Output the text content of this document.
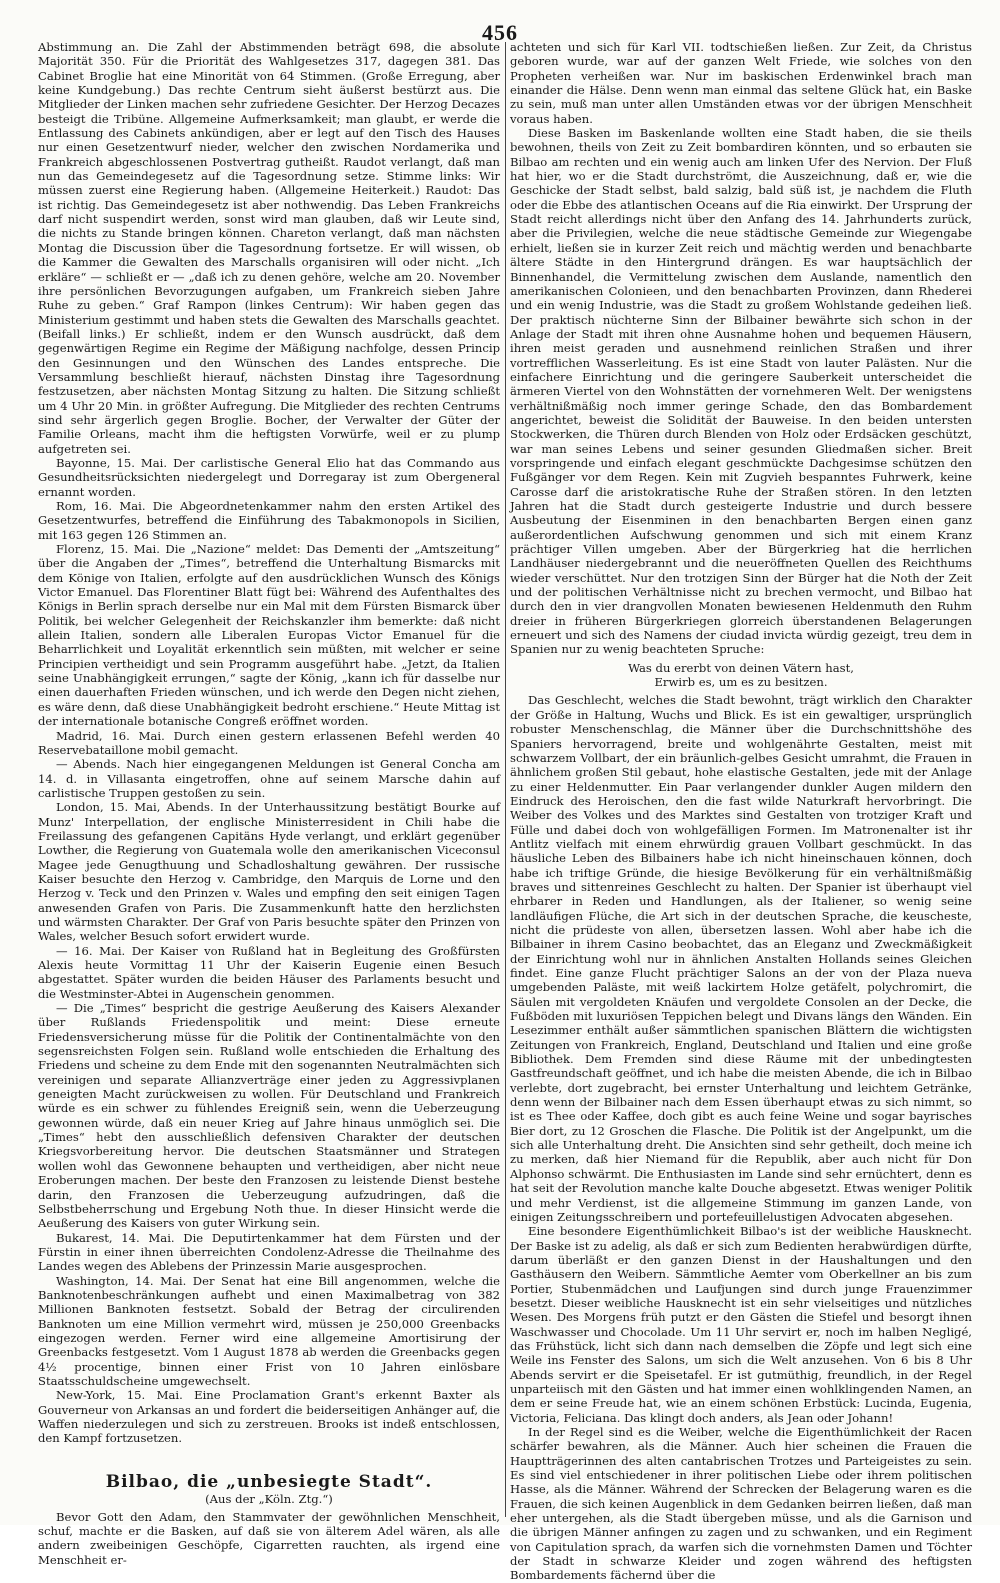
456

Abstimmung an. Die Zahl der Abstimmenden beträgt 698, die absolute Majorität 350. Für die Priorität des Wahlgesetzes 317, dagegen 381. Das Cabinet Broglie hat eine Minorität von 64 Stimmen. (Große Erregung, aber keine Kundgebung.) Das rechte Centrum sieht äußerst bestürzt aus. Die Mitglieder der Linken machen sehr zufriedene Gesichter. Der Herzog Decazes besteigt die Tribüne. Allgemeine Aufmerksamkeit; man glaubt, er werde die Entlassung des Cabinets ankündigen, aber er legt auf den Tisch des Hauses nur einen Gesetzentwurf nieder, welcher den zwischen Nordamerika und Frankreich abgeschlossenen Postvertrag gutheißt. Raudot verlangt, daß man nun das Gemeindegesetz auf die Tagesordnung setze. Stimme links: Wir müssen zuerst eine Regierung haben. (Allgemeine Heiterkeit.) Raudot: Das ist richtig. Das Gemeindegesetz ist aber nothwendig. Das Leben Frankreichs darf nicht suspendirt werden, sonst wird man glauben, daß wir Leute sind, die nichts zu Stande bringen können. Chareton verlangt, daß man nächsten Montag die Discussion über die Tagesordnung fortsetze. Er will wissen, ob die Kammer die Gewalten des Marschalls organisiren will oder nicht. „Ich erkläre“ — schließt er — „daß ich zu denen gehöre, welche am 20. November ihre persönlichen Bevorzugungen aufgaben, um Frankreich sieben Jahre Ruhe zu geben.“ Graf Rampon (linkes Centrum): Wir haben gegen das Ministerium gestimmt und haben stets die Gewalten des Marschalls geachtet. (Beifall links.) Er schließt, indem er den Wunsch ausdrückt, daß dem gegenwärtigen Regime ein Regime der Mäßigung nachfolge, dessen Princip den Gesinnungen und den Wünschen des Landes entspreche. Die Versammlung beschließt hierauf, nächsten Dinstag ihre Tagesordnung festzusetzen, aber nächsten Montag Sitzung zu halten. Die Sitzung schließt um 4 Uhr 20 Min. in größter Aufregung. Die Mitglieder des rechten Centrums sind sehr ärgerlich gegen Broglie. Bocher, der Verwalter der Güter der Familie Orleans, macht ihm die heftigsten Vorwürfe, weil er zu plump aufgetreten sei.

Bayonne, 15. Mai. Der carlistische General Elio hat das Commando aus Gesundheitsrücksichten niedergelegt und Dorregaray ist zum Obergeneral ernannt worden.

Rom, 16. Mai. Die Abgeordnetenkammer nahm den ersten Artikel des Gesetzentwurfes, betreffend die Einführung des Tabakmonopols in Sicilien, mit 163 gegen 126 Stimmen an.

Florenz, 15. Mai. Die „Nazione“ meldet: Das Dementi der „Amtszeitung“ über die Angaben der „Times“, betreffend die Unterhaltung Bismarcks mit dem Könige von Italien, erfolgte auf den ausdrücklichen Wunsch des Königs Victor Emanuel. Das Florentiner Blatt fügt bei: Während des Aufenthaltes des Königs in Berlin sprach derselbe nur ein Mal mit dem Fürsten Bismarck über Politik, bei welcher Gelegenheit der Reichskanzler ihm bemerkte: daß nicht allein Italien, sondern alle Liberalen Europas Victor Emanuel für die Beharrlichkeit und Loyalität erkenntlich sein müßten, mit welcher er seine Principien vertheidigt und sein Programm ausgeführt habe. „Jetzt, da Italien seine Unabhängigkeit errungen,“ sagte der König, „kann ich für dasselbe nur einen dauerhaften Frieden wünschen, und ich werde den Degen nicht ziehen, es wäre denn, daß diese Unabhängigkeit bedroht erschiene.“ Heute Mittag ist der internationale botanische Congreß eröffnet worden.

Madrid, 16. Mai. Durch einen gestern erlassenen Befehl werden 40 Reservebataillone mobil gemacht.

— Abends. Nach hier eingegangenen Meldungen ist General Concha am 14. d. in Villasanta eingetroffen, ohne auf seinem Marsche dahin auf carlistische Truppen gestoßen zu sein.

London, 15. Mai, Abends. In der Unterhaussitzung bestätigt Bourke auf Munz' Interpellation, der englische Ministerresident in Chili habe die Freilassung des gefangenen Capitäns Hyde verlangt, und erklärt gegenüber Lowther, die Regierung von Guatemala wolle den amerikanischen Viceconsul Magee jede Genugthuung und Schadloshaltung gewähren. Der russische Kaiser besuchte den Herzog v. Cambridge, den Marquis de Lorne und den Herzog v. Teck und den Prinzen v. Wales und empfing den seit einigen Tagen anwesenden Grafen von Paris. Die Zusammenkunft hatte den herzlichsten und wärmsten Charakter. Der Graf von Paris besuchte später den Prinzen von Wales, welcher Besuch sofort erwidert wurde.

— 16. Mai. Der Kaiser von Rußland hat in Begleitung des Großfürsten Alexis heute Vormittag 11 Uhr der Kaiserin Eugenie einen Besuch abgestattet. Später wurden die beiden Häuser des Parlaments besucht und die Westminster-Abtei in Augenschein genommen.

— Die „Times“ bespricht die gestrige Aeußerung des Kaisers Alexander über Rußlands Friedenspolitik und meint: Diese erneute Friedensversicherung müsse für die Politik der Continentalmächte von den segensreichsten Folgen sein. Rußland wolle entschieden die Erhaltung des Friedens und scheine zu dem Ende mit den sogenannten Neutralmächten sich vereinigen und separate Allianzverträge einer jeden zu Aggressivplanen geneigten Macht zurückweisen zu wollen. Für Deutschland und Frankreich würde es ein schwer zu fühlendes Ereigniß sein, wenn die Ueberzeugung gewonnen würde, daß ein neuer Krieg auf Jahre hinaus unmöglich sei. Die „Times“ hebt den ausschließlich defensiven Charakter der deutschen Kriegsvorbereitung hervor. Die deutschen Staatsmänner und Strategen wollen wohl das Gewonnene behaupten und vertheidigen, aber nicht neue Eroberungen machen. Der beste den Franzosen zu leistende Dienst bestehe darin, den Franzosen die Ueberzeugung aufzudringen, daß die Selbstbeherrschung und Ergebung Noth thue. In dieser Hinsicht werde die Aeußerung des Kaisers von guter Wirkung sein.

Bukarest, 14. Mai. Die Deputirtenkammer hat dem Fürsten und der Fürstin in einer ihnen überreichten Condolenz-Adresse die Theilnahme des Landes wegen des Ablebens der Prinzessin Marie ausgesprochen.

Washington, 14. Mai. Der Senat hat eine Bill angenommen, welche die Banknotenbeschränkungen aufhebt und einen Maximalbetrag von 382 Millionen Banknoten festsetzt. Sobald der Betrag der circulirenden Banknoten um eine Million vermehrt wird, müssen je 250,000 Greenbacks eingezogen werden. Ferner wird eine allgemeine Amortisirung der Greenbacks festgesetzt. Vom 1 August 1878 ab werden die Greenbacks gegen 4½ procentige, binnen einer Frist von 10 Jahren einlösbare Staatsschuldscheine umgewechselt.

New-York, 15. Mai. Eine Proclamation Grant's erkennt Baxter als Gouverneur von Arkansas an und fordert die beiderseitigen Anhänger auf, die Waffen niederzulegen und sich zu zerstreuen. Brooks ist indeß entschlossen, den Kampf fortzusetzen.

Bilbao, die „unbesiegte Stadt“.
(Aus der „Köln. Ztg.“)

Bevor Gott den Adam, den Stammvater der gewöhnlichen Menschheit, schuf, machte er die Basken, auf daß sie von älterem Adel wären, als alle andern zweibeinigen Geschöpfe, Cigarretten rauchten, als irgend eine Menschheit er-

achteten und sich für Karl VII. todtschießen ließen. Zur Zeit, da Christus geboren wurde, war auf der ganzen Welt Friede, wie solches von den Propheten verheißen war. Nur im baskischen Erdenwinkel brach man einander die Hälse. Denn wenn man einmal das seltene Glück hat, ein Baske zu sein, muß man unter allen Umständen etwas vor der übrigen Menschheit voraus haben.

Diese Basken im Baskenlande wollten eine Stadt haben, die sie theils bewohnen, theils von Zeit zu Zeit bombardiren könnten, und so erbauten sie Bilbao am rechten und ein wenig auch am linken Ufer des Nervion. Der Fluß hat hier, wo er die Stadt durchströmt, die Auszeichnung, daß er, wie die Geschicke der Stadt selbst, bald salzig, bald süß ist, je nachdem die Fluth oder die Ebbe des atlantischen Oceans auf die Ria einwirkt. Der Ursprung der Stadt reicht allerdings nicht über den Anfang des 14. Jahrhunderts zurück, aber die Privilegien, welche die neue städtische Gemeinde zur Wiegengabe erhielt, ließen sie in kurzer Zeit reich und mächtig werden und benachbarte ältere Städte in den Hintergrund drängen. Es war hauptsächlich der Binnenhandel, die Vermittelung zwischen dem Auslande, namentlich den amerikanischen Colonieen, und den benachbarten Provinzen, dann Rhederei und ein wenig Industrie, was die Stadt zu großem Wohlstande gedeihen ließ. Der praktisch nüchterne Sinn der Bilbainer bewährte sich schon in der Anlage der Stadt mit ihren ohne Ausnahme hohen und bequemen Häusern, ihren meist geraden und ausnehmend reinlichen Straßen und ihrer vortrefflichen Wasserleitung. Es ist eine Stadt von lauter Palästen. Nur die einfachere Einrichtung und die geringere Sauberkeit unterscheidet die ärmeren Viertel von den Wohnstätten der vornehmeren Welt. Der wenigstens verhältnißmäßig noch immer geringe Schade, den das Bombardement angerichtet, beweist die Solidität der Bauweise. In den beiden untersten Stockwerken, die Thüren durch Blenden von Holz oder Erdsäcken geschützt, war man seines Lebens und seiner gesunden Gliedmaßen sicher. Breit vorspringende und einfach elegant geschmückte Dachgesimse schützen den Fußgänger vor dem Regen. Kein mit Zugvieh bespanntes Fuhrwerk, keine Carosse darf die aristokratische Ruhe der Straßen stören. In den letzten Jahren hat die Stadt durch gesteigerte Industrie und durch bessere Ausbeutung der Eisenminen in den benachbarten Bergen einen ganz außerordentlichen Aufschwung genommen und sich mit einem Kranz prächtiger Villen umgeben. Aber der Bürgerkrieg hat die herrlichen Landhäuser niedergebrannt und die neueröffneten Quellen des Reichthums wieder verschüttet. Nur den trotzigen Sinn der Bürger hat die Noth der Zeit und der politischen Verhältnisse nicht zu brechen vermocht, und Bilbao hat durch den in vier drangvollen Monaten bewiesenen Heldenmuth den Ruhm dreier in früheren Bürgerkriegen glorreich überstandenen Belagerungen erneuert und sich des Namens der ciudad invicta würdig gezeigt, treu dem in Spanien nur zu wenig beachteten Spruche:

Was du ererbt von deinen Vätern hast,
Erwirb es, um es zu besitzen.

Das Geschlecht, welches die Stadt bewohnt, trägt wirklich den Charakter der Größe in Haltung, Wuchs und Blick. Es ist ein gewaltiger, ursprünglich robuster Menschenschlag, die Männer über die Durchschnittshöhe des Spaniers hervorragend, breite und wohlgenährte Gestalten, meist mit schwarzem Vollbart, der ein bräunlich-gelbes Gesicht umrahmt, die Frauen in ähnlichem großen Stil gebaut, hohe elastische Gestalten, jede mit der Anlage zu einer Heldenmutter. Ein Paar verlangender dunkler Augen mildern den Eindruck des Heroischen, den die fast wilde Naturkraft hervorbringt. Die Weiber des Volkes und des Marktes sind Gestalten von trotziger Kraft und Fülle und dabei doch von wohlgefälligen Formen. Im Matronenalter ist ihr Antlitz vielfach mit einem ehrwürdig grauen Vollbart geschmückt. In das häusliche Leben des Bilbainers habe ich nicht hineinschauen können, doch habe ich triftige Gründe, die hiesige Bevölkerung für ein verhältnißmäßig braves und sittenreines Geschlecht zu halten. Der Spanier ist überhaupt viel ehrbarer in Reden und Handlungen, als der Italiener, so wenig seine landläufigen Flüche, die Art sich in der deutschen Sprache, die keuscheste, nicht die prüdeste von allen, übersetzen lassen. Wohl aber habe ich die Bilbainer in ihrem Casino beobachtet, das an Eleganz und Zweckmäßigkeit der Einrichtung wohl nur in ähnlichen Anstalten Hollands seines Gleichen findet. Eine ganze Flucht prächtiger Salons an der von der Plaza nueva umgebenden Paläste, mit weiß lackirtem Holze getäfelt, polychromirt, die Säulen mit vergoldeten Knäufen und vergoldete Consolen an der Decke, die Fußböden mit luxuriösen Teppichen belegt und Divans längs den Wänden. Ein Lesezimmer enthält außer sämmtlichen spanischen Blättern die wichtigsten Zeitungen von Frankreich, England, Deutschland und Italien und eine große Bibliothek. Dem Fremden sind diese Räume mit der unbedingtesten Gastfreundschaft geöffnet, und ich habe die meisten Abende, die ich in Bilbao verlebte, dort zugebracht, bei ernster Unterhaltung und leichtem Getränke, denn wenn der Bilbainer nach dem Essen überhaupt etwas zu sich nimmt, so ist es Thee oder Kaffee, doch gibt es auch feine Weine und sogar bayrisches Bier dort, zu 12 Groschen die Flasche. Die Politik ist der Angelpunkt, um die sich alle Unterhaltung dreht. Die Ansichten sind sehr getheilt, doch meine ich zu merken, daß hier Niemand für die Republik, aber auch nicht für Don Alphonso schwärmt. Die Enthusiasten im Lande sind sehr ernüchtert, denn es hat seit der Revolution manche kalte Douche abgesetzt. Etwas weniger Politik und mehr Verdienst, ist die allgemeine Stimmung im ganzen Lande, von einigen Zeitungsschreibern und portefeuillelustigen Advocaten abgesehen.

Eine besondere Eigenthümlichkeit Bilbao's ist der weibliche Hausknecht. Der Baske ist zu adelig, als daß er sich zum Bedienten herabwürdigen dürfte, darum überläßt er den ganzen Dienst in der Haushaltungen und den Gasthäusern den Weibern. Sämmtliche Aemter vom Oberkellner an bis zum Portier, Stubenmädchen und Laufjungen sind durch junge Frauenzimmer besetzt. Dieser weibliche Hausknecht ist ein sehr vielseitiges und nützliches Wesen. Des Morgens früh putzt er den Gästen die Stiefel und besorgt ihnen Waschwasser und Chocolade. Um 11 Uhr servirt er, noch im halben Negligé, das Frühstück, licht sich dann nach demselben die Zöpfe und legt sich eine Weile ins Fenster des Salons, um sich die Welt anzusehen. Von 6 bis 8 Uhr Abends servirt er die Speisetafel. Er ist gutmüthig, freundlich, in der Regel unparteiisch mit den Gästen und hat immer einen wohlklingenden Namen, an dem er seine Freude hat, wie an einem schönen Erbstück: Lucinda, Eugenia, Victoria, Feliciana. Das klingt doch anders, als Jean oder Johann!

In der Regel sind es die Weiber, welche die Eigenthümlichkeit der Racen schärfer bewahren, als die Männer. Auch hier scheinen die Frauen die Hauptträgerinnen des alten cantabrischen Trotzes und Parteigeistes zu sein. Es sind viel entschiedener in ihrer politischen Liebe oder ihrem politischen Hasse, als die Männer. Während der Schrecken der Belagerung waren es die Frauen, die sich keinen Augenblick in dem Gedanken beirren ließen, daß man eher untergehen, als die Stadt übergeben müsse, und als die Garnison und die übrigen Männer anfingen zu zagen und zu schwanken, und ein Regiment von Capitulation sprach, da warfen sich die vornehmsten Damen und Töchter der Stadt in schwarze Kleider und zogen während des heftigsten Bombardements fächernd über die
